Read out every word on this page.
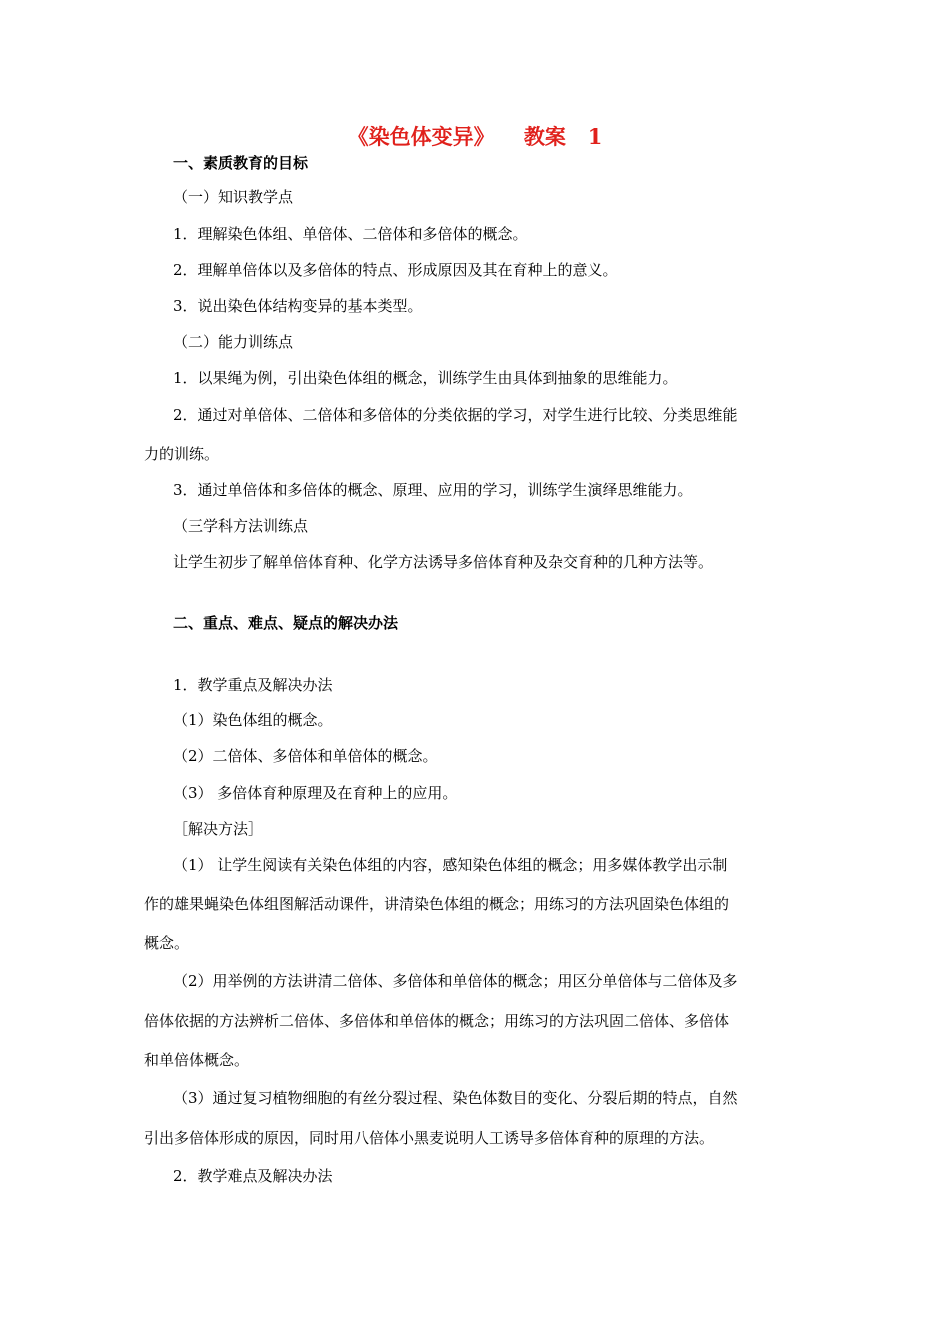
《染色体变异》    教案   1
一、素质教育的目标
（一）知识教学点
1．理解染色体组、单倍体、二倍体和多倍体的概念。
2．理解单倍体以及多倍体的特点、形成原因及其在育种上的意义。
3．说出染色体结构变异的基本类型。
（二）能力训练点
1．以果绳为例，引出染色体组的概念，训练学生由具体到抽象的思维能力。
2．通过对单倍体、二倍体和多倍体的分类依据的学习，对学生进行比较、分类思维能
力的训练。
3．通过单倍体和多倍体的概念、原理、应用的学习，训练学生演绎思维能力。
（三学科方法训练点
让学生初步了解单倍体育种、化学方法诱导多倍体育种及杂交育种的几种方法等。
二、重点、难点、疑点的解决办法
1．教学重点及解决办法
（1）染色体组的概念。
（2）二倍体、多倍体和单倍体的概念。
（3） 多倍体育种原理及在育种上的应用。
［解决方法］
（1） 让学生阅读有关染色体组的内容，感知染色体组的概念；用多媒体教学出示制
作的雄果蝇染色体组图解活动课件，讲清染色体组的概念；用练习的方法巩固染色体组的
概念。
（2）用举例的方法讲清二倍体、多倍体和单倍体的概念；用区分单倍体与二倍体及多
倍体依据的方法辨析二倍体、多倍体和单倍体的概念；用练习的方法巩固二倍体、多倍体
和单倍体概念。
（3）通过复习植物细胞的有丝分裂过程、染色体数目的变化、分裂后期的特点，自然
引出多倍体形成的原因，同时用八倍体小黑麦说明人工诱导多倍体育种的原理的方法。
2．教学难点及解决办法
